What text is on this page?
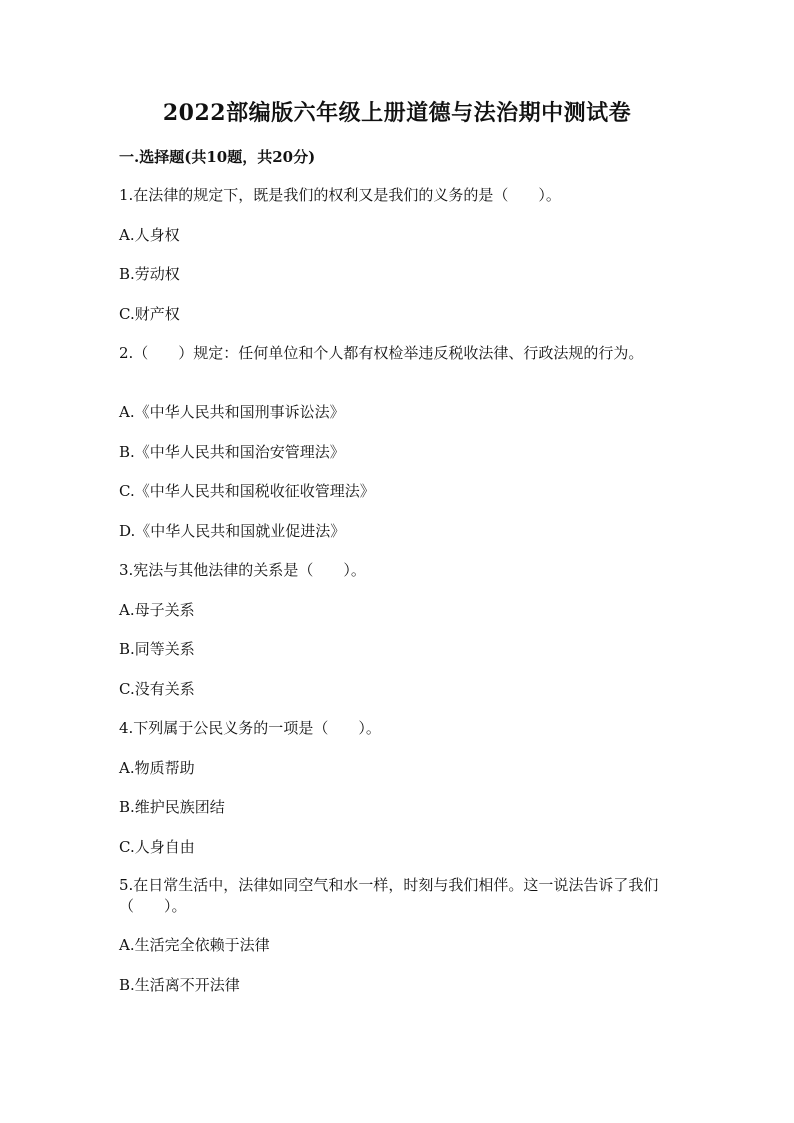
2022部编版六年级上册道德与法治期中测试卷
一.选择题(共10题，共20分)
1.在法律的规定下，既是我们的权利又是我们的义务的是（　　）。
A.人身权
B.劳动权
C.财产权
2.（　　）规定：任何单位和个人都有权检举违反税收法律、行政法规的行为。
A.《中华人民共和国刑事诉讼法》
B.《中华人民共和国治安管理法》
C.《中华人民共和国税收征收管理法》
D.《中华人民共和国就业促进法》
3.宪法与其他法律的关系是（　　）。
A.母子关系
B.同等关系
C.没有关系
4.下列属于公民义务的一项是（　　）。
A.物质帮助
B.维护民族团结
C.人身自由
5.在日常生活中，法律如同空气和水一样，时刻与我们相伴。这一说法告诉了我们（　　）。
A.生活完全依赖于法律
B.生活离不开法律
